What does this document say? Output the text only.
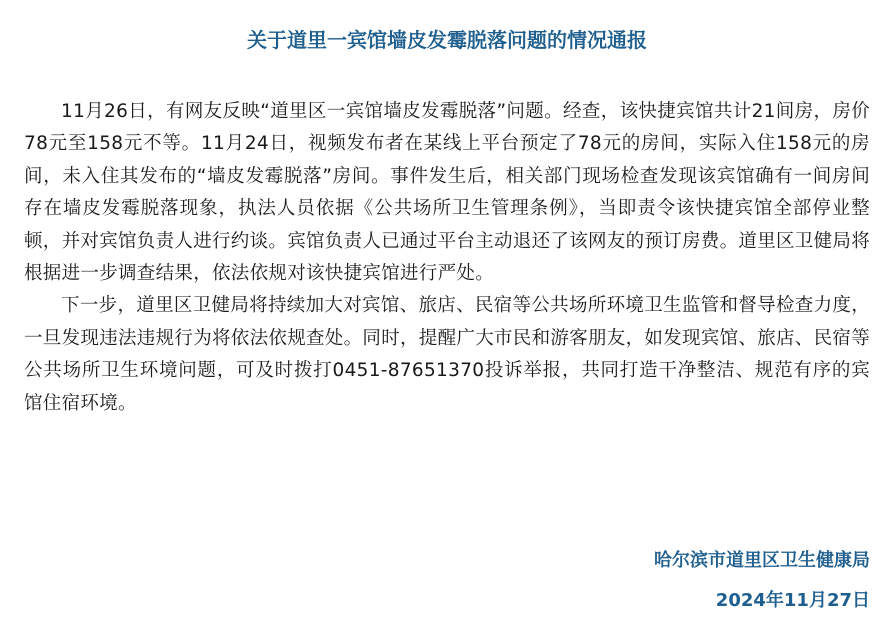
关于道里一宾馆墙皮发霉脱落问题的情况通报

11月26日，有网友反映“道里区一宾馆墙皮发霉脱落”问题。经查，该快捷宾馆共计21间房，房价78元至158元不等。11月24日，视频发布者在某线上平台预定了78元的房间，实际入住158元的房间，未入住其发布的“墙皮发霉脱落”房间。事件发生后，相关部门现场检查发现该宾馆确有一间房间存在墙皮发霉脱落现象，执法人员依据《公共场所卫生管理条例》，当即责令该快捷宾馆全部停业整顿，并对宾馆负责人进行约谈。宾馆负责人已通过平台主动退还了该网友的预订房费。道里区卫健局将根据进一步调查结果，依法依规对该快捷宾馆进行严处。

下一步，道里区卫健局将持续加大对宾馆、旅店、民宿等公共场所环境卫生监管和督导检查力度，一旦发现违法违规行为将依法依规查处。同时，提醒广大市民和游客朋友，如发现宾馆、旅店、民宿等公共场所卫生环境问题，可及时拨打0451-87651370投诉举报，共同打造干净整洁、规范有序的宾馆住宿环境。

哈尔滨市道里区卫生健康局
2024年11月27日
